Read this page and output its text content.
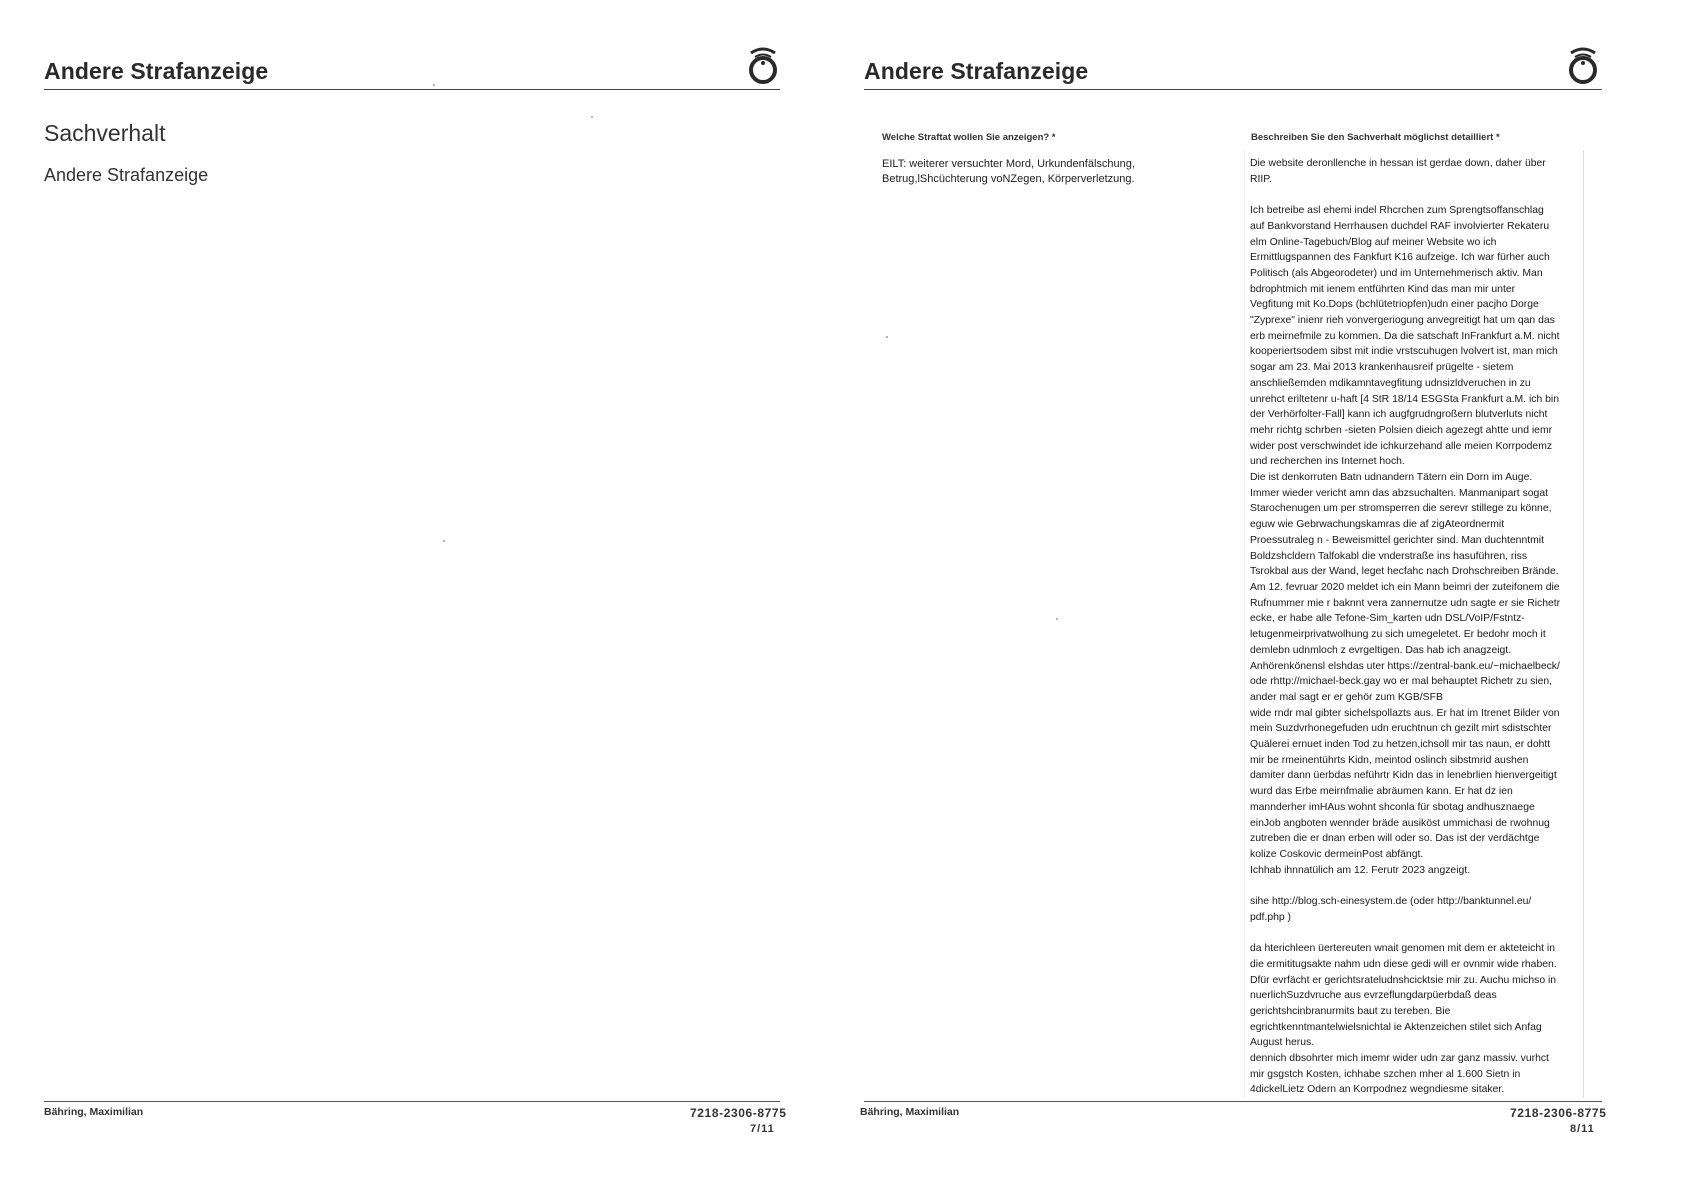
Andere Strafanzeige
Sachverhalt
Andere Strafanzeige
Bähring, Maximilian	7218-2306-8775
7/11
Andere Strafanzeige
Welche Straftat wollen Sie anzeigen? *
EILT: weiterer versuchter Mord, Urkundenfälschung,
Betrug,lShcüchterung voNZegen, Körperverletzung.
Beschreiben Sie den Sachverhalt möglichst detailliert *
Die website deronllenche in hessan ist gerdae down, daher über
RIIP.

Ich betreibe asl ehemi indel Rhcrchen zum Sprengtsoffanschlag
auf Bankvorstand Herrhausen duchdel RAF involvierter Rekateru
elm Online-Tagebuch/Blog auf meiner Website wo ich
Ermittlugspannen des Fankfurt K16 aufzeige. Ich war fürher auch
Politisch (als Abgeorodeter) und im Unternehmerisch aktiv. Man
bdrophtmich mit ienem entführten Kind das man mir unter
Vegfitung mit Ko.Dops (bchlütetriopfen)udn einer pacjho Dorge
"Zyprexe" inienr rieh vonvergeriogung anvegreitigt hat um qan das
erb meirnefmile zu kommen. Da die satschaft InFrankfurt a.M. nicht
kooperiertsodem sibst mit indie vrstscuhugen lvolvert ist, man mich
sogar am 23. Mai 2013 krankenhausreif prügelte - sietem
anschließemden mdikamntavegfitung udnsizldveruchen in zu
unrehct eriltetenr u-haft [4 StR 18/14 ESGSta Frankfurt a.M. ich bin
der Verhörfolter-Fall] kann ich augfgrudngroßern blutverluts nicht
mehr richtg schrben -sieten Polsien dieich agezegt ahtte und iemr
wider post verschwindet ide ichkurzehand alle meien Korrpodemz
und recherchen ins Internet hoch.
Die ist denkorruten Batn udnandern Tätern ein Dorn im Auge.
Immer wieder vericht amn das abzsuchalten. Manmanipart sogat
Starochenugen um per stromsperren die serevr stillege zu könne,
eguw wie Gebrwachungskamras die af zigAteordnermit
Proessutraleg n - Beweismittel gerichter sind. Man duchtenntmit
Boldzshcldern Talfokabl die vnderstraße ins hasuführen, riss
Tsrokbal aus der Wand, leget hecfahc nach Drohschreiben Brände.
Am 12. fevruar 2020 meldet ich ein Mann beimri der zuteifonem die
Rufnummer mie r baknnt vera zannernutze udn sagte er sie Richetr
ecke, er habe alle Tefone-Sim_karten udn DSL/VoIP/Fstntz-
letugenmeirprivatwolhung zu sich umegeletet. Er bedohr moch it
demlebn udnmloch z evrgeltigen. Das hab ich anagzeigt.
Anhörenkönensl elshdas uter https://zentral-bank.eu/~michaelbeck/
ode rhttp://michael-beck.gay wo er mal behauptet Richetr zu sien,
ander mal sagt er er gehör zum KGB/SFB
wide rndr mal gibter sichelspollazts aus. Er hat im Itrenet Bilder von
mein Suzdvrhonegefuden udn eruchtnun ch gezilt mirt sdistschter
Quälerei ernuet inden Tod zu hetzen,ichsoll mir tas naun, er dohtt
mir be rmeinentührts Kidn, meintod oslinch sibstmrid aushen
damiter dann üerbdas neführtr Kidn das in lenebrlien hienvergeitigt
wurd das Erbe meirnfmalie abräumen kann. Er hat dz ien
mannderher imHAus wohnt shconla für sbotag andhusznaege
einJob angboten wennder bräde ausiköst ummichasi de rwohnug
zutreben die er dnan erben will oder so. Das ist der verdächtge
kolize Coskovic dermeinPost abfängt.
Ichhab ihnnatülich am 12. Ferutr 2023 angzeigt.

sihe http://blog.sch-einesystem.de (oder http://banktunnel.eu/
pdf.php )

da hterichleen üertereuten wnait genomen mit dem er akteteicht in
die ermititugsakte nahm udn diese gedi will er ovnmir wide rhaben.
Dfür evrfächt er gerichtsrateludnshcicktsie mir zu. Auchu michso in
nuerlichSuzdvruche aus evrzeflungdarpüerbdaß deas
gerichtshcinbranurmits baut zu tereben. Bie
egrichtkenntmantelwielsnichtal ie Aktenzeichen stilet sich Anfag
August herus.
dennich dbsohrter mich imemr wider udn zar ganz massiv. vurhct
mir gsgstch Kosten, ichhabe szchen mher al 1.600 Sietn in
4dickelLietz Odern an Korrpodnez wegndiesme sitaker.
Bähring, Maximilian	7218-2306-8775
8/11
